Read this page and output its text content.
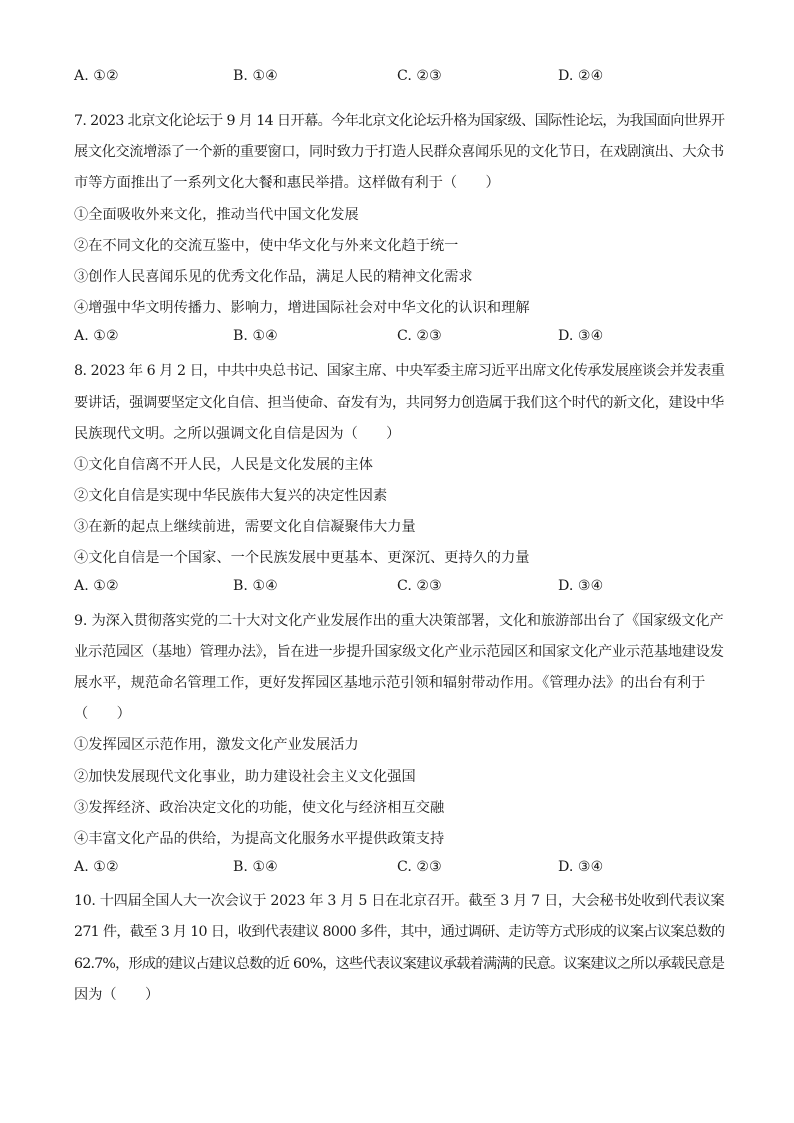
A. ①②	B. ①④	C. ②③	D. ②④
7. 2023 北京文化论坛于 9 月 14 日开幕。今年北京文化论坛升格为国家级、国际性论坛，为我国面向世界开
展文化交流增添了一个新的重要窗口，同时致力于打造人民群众喜闻乐见的文化节日，在戏剧演出、大众书
市等方面推出了一系列文化大餐和惠民举措。这样做有利于（　　）
①全面吸收外来文化，推动当代中国文化发展
②在不同文化的交流互鉴中，使中华文化与外来文化趋于统一
③创作人民喜闻乐见的优秀文化作品，满足人民的精神文化需求
④增强中华文明传播力、影响力，增进国际社会对中华文化的认识和理解
A. ①②	B. ①④	C. ②③	D. ③④
8. 2023 年 6 月 2 日，中共中央总书记、国家主席、中央军委主席习近平出席文化传承发展座谈会并发表重
要讲话，强调要坚定文化自信、担当使命、奋发有为，共同努力创造属于我们这个时代的新文化，建设中华
民族现代文明。之所以强调文化自信是因为（　　）
①文化自信离不开人民，人民是文化发展的主体
②文化自信是实现中华民族伟大复兴的决定性因素
③在新的起点上继续前进，需要文化自信凝聚伟大力量
④文化自信是一个国家、一个民族发展中更基本、更深沉、更持久的力量
A. ①②	B. ①④	C. ②③	D. ③④
9. 为深入贯彻落实党的二十大对文化产业发展作出的重大决策部署，文化和旅游部出台了《国家级文化产
业示范园区（基地）管理办法》，旨在进一步提升国家级文化产业示范园区和国家文化产业示范基地建设发
展水平，规范命名管理工作，更好发挥园区基地示范引领和辐射带动作用。《管理办法》的出台有利于
（　　）
①发挥园区示范作用，激发文化产业发展活力
②加快发展现代文化事业，助力建设社会主义文化强国
③发挥经济、政治决定文化的功能，使文化与经济相互交融
④丰富文化产品的供给，为提高文化服务水平提供政策支持
A. ①②	B. ①④	C. ②③	D. ③④
10. 十四届全国人大一次会议于 2023 年 3 月 5 日在北京召开。截至 3 月 7 日，大会秘书处收到代表议案
271 件，截至 3 月 10 日，收到代表建议 8000 多件，其中，通过调研、走访等方式形成的议案占议案总数的
62.7%，形成的建议占建议总数的近 60%，这些代表议案建议承载着满满的民意。议案建议之所以承载民意是
因为（　　）
